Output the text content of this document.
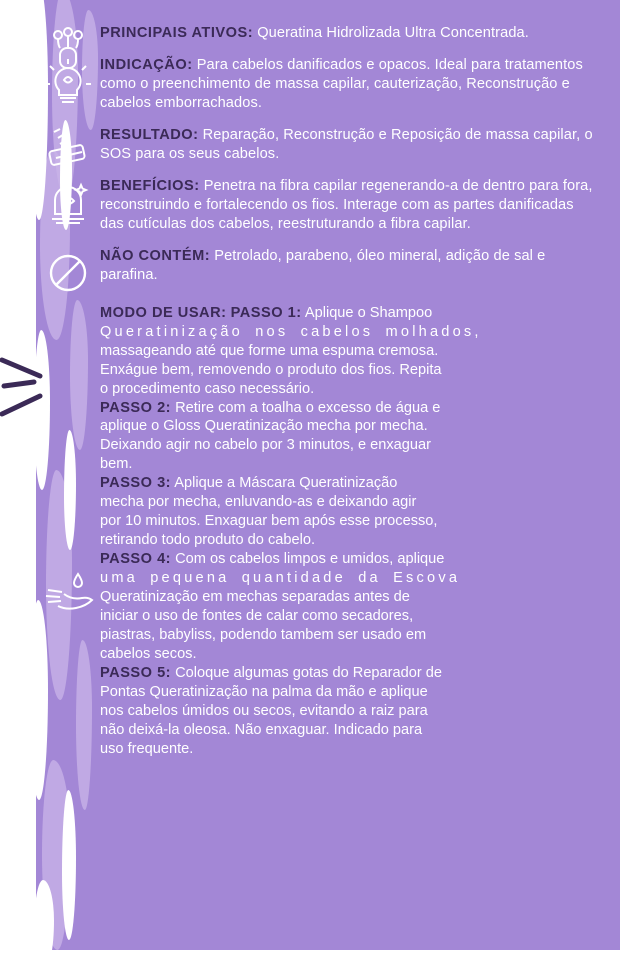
PRINCIPAIS ATIVOS: Queratina Hidrolizada Ultra Concentrada.
INDICAÇÃO: Para cabelos danificados e opacos. Ideal para tratamentos como o preenchimento de massa capilar, cauterização, Reconstrução e cabelos emborrachados.
RESULTADO: Reparação, Reconstrução e Reposição de massa capilar, o SOS para os seus cabelos.
BENEFÍCIOS: Penetra na fibra capilar regenerando-a de dentro para fora, reconstruindo e fortalecendo os fios. Interage com as partes danificadas das cutículas dos cabelos, reestruturando a fibra capilar.
NÃO CONTÉM: Petrolado, parabeno, óleo mineral, adição de sal e parafina.

MODO DE USAR: PASSO 1: Aplique o Shampoo
Queratinização nos cabelos molhados,
massageando até que forme uma espuma cremosa.
Enxágue bem, removendo o produto dos fios. Repita
o procedimento caso necessário.

PASSO 2: Retire com a toalha o excesso de água e
aplique o Gloss Queratinização mecha por mecha.
Deixando agir no cabelo por 3 minutos, e enxaguar
bem.

PASSO 3: Aplique a Máscara Queratinização
mecha por mecha, enluvando-as e deixando agir
por 10 minutos. Enxaguar bem após esse processo,
retirando todo produto do cabelo.

PASSO 4: Com os cabelos limpos e umidos, aplique
uma pequena quantidade da Escova
Queratinização em mechas separadas antes de
iniciar o uso de fontes de calar como secadores,
piastras, babyliss, podendo tambem ser usado em
cabelos secos.

PASSO 5: Coloque algumas gotas do Reparador de
Pontas Queratinização na palma da mão e aplique
nos cabelos úmidos ou secos, evitando a raiz para
não deixá-la oleosa. Não enxaguar. Indicado para
uso frequente.
